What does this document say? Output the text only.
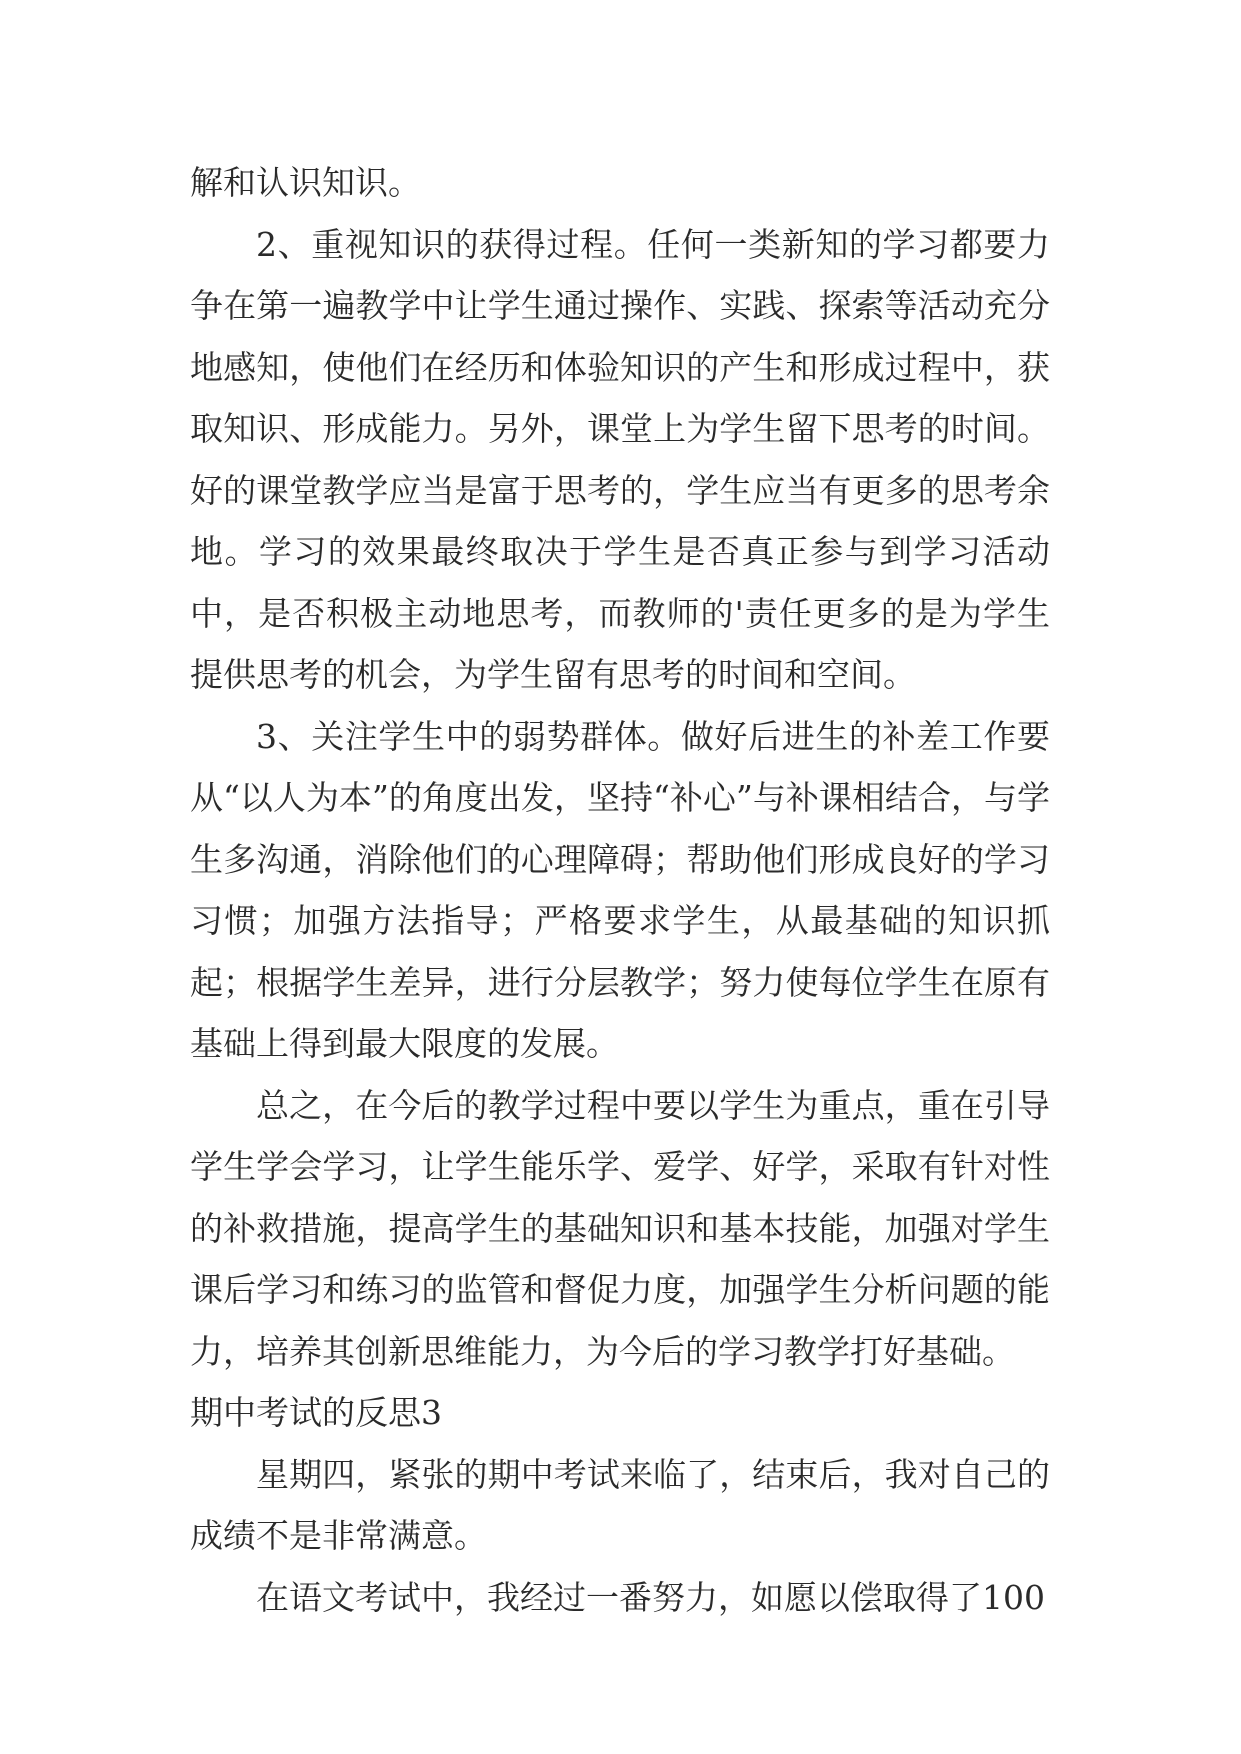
解和认识知识。

2、重视知识的获得过程。任何一类新知的学习都要力争在第一遍教学中让学生通过操作、实践、探索等活动充分地感知，使他们在经历和体验知识的产生和形成过程中，获取知识、形成能力。另外，课堂上为学生留下思考的时间。好的课堂教学应当是富于思考的，学生应当有更多的思考余地。学习的效果最终取决于学生是否真正参与到学习活动中，是否积极主动地思考，而教师的'责任更多的是为学生提供思考的机会，为学生留有思考的时间和空间。

3、关注学生中的弱势群体。做好后进生的补差工作要从“以人为本”的角度出发，坚持“补心”与补课相结合，与学生多沟通，消除他们的心理障碍；帮助他们形成良好的学习习惯；加强方法指导；严格要求学生，从最基础的知识抓起；根据学生差异，进行分层教学；努力使每位学生在原有基础上得到最大限度的发展。

总之，在今后的教学过程中要以学生为重点，重在引导学生学会学习，让学生能乐学、爱学、好学，采取有针对性的补救措施，提高学生的基础知识和基本技能，加强对学生课后学习和练习的监管和督促力度，加强学生分析问题的能力，培养其创新思维能力，为今后的学习教学打好基础。

期中考试的反思3

星期四，紧张的期中考试来临了，结束后，我对自己的成绩不是非常满意。

在语文考试中，我经过一番努力，如愿以偿取得了100
